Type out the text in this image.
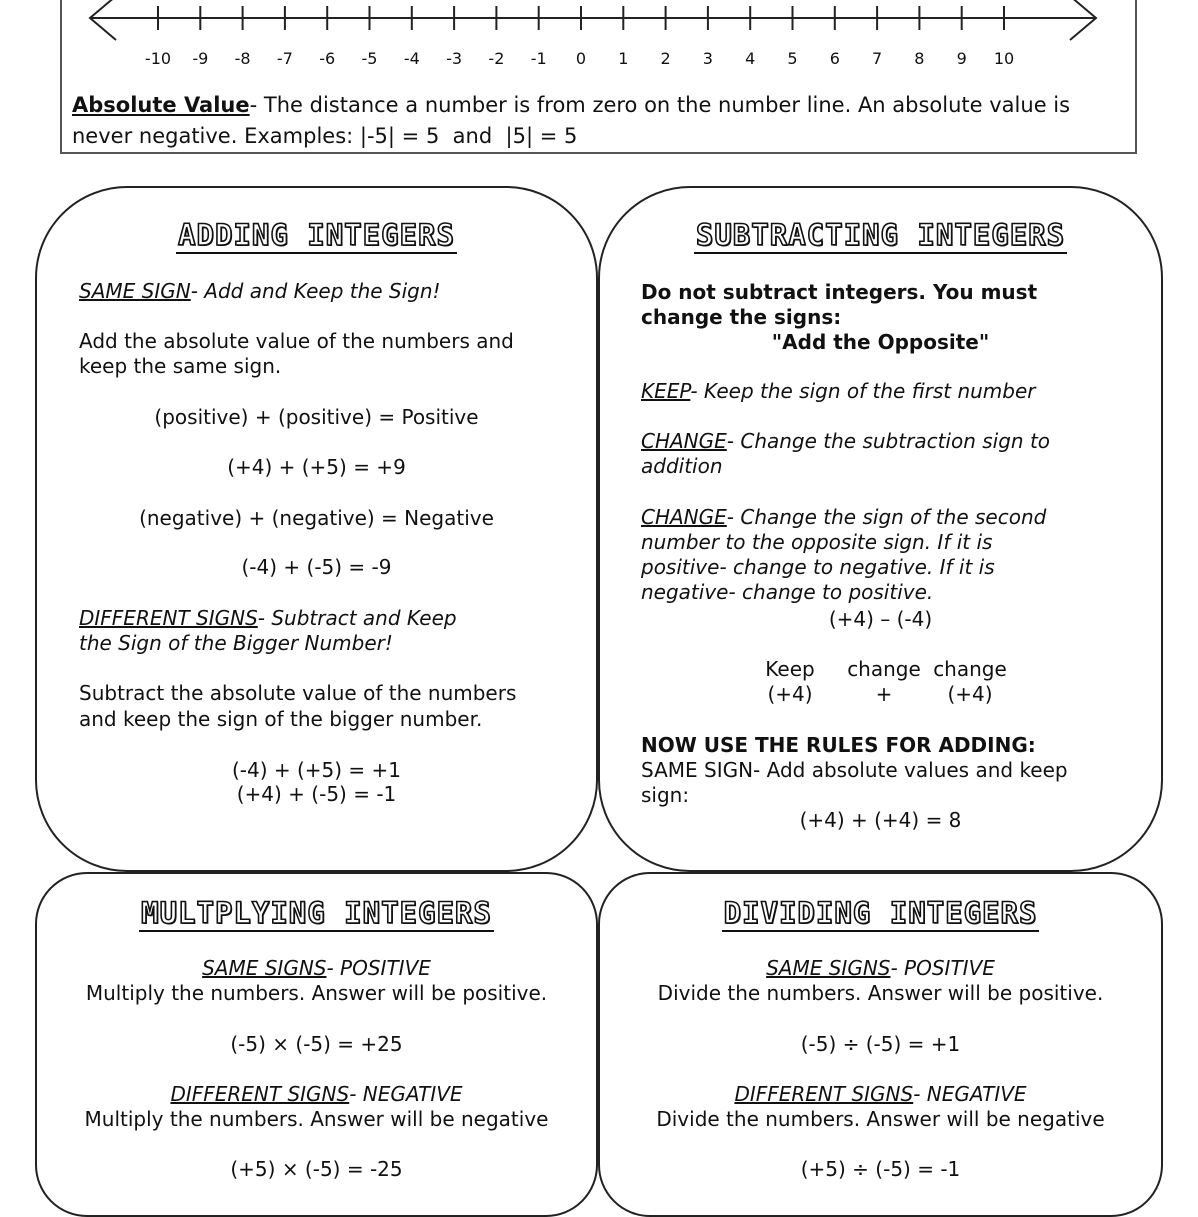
-10 -9 -8 -7 -6 -5 -4 -3 -2 -1 0 1 2 3 4 5 6 7 8 9 10
Absolute Value- The distance a number is from zero on the number line. An absolute value is never negative. Examples: |-5| = 5 and |5| = 5
ADDING INTEGERS
SAME SIGN- Add and Keep the Sign!
Add the absolute value of the numbers and
keep the same sign.
(positive) + (positive) = Positive
(+4) + (+5) = +9
(negative) + (negative) = Negative
(-4) + (-5) = -9
DIFFERENT SIGNS- Subtract and Keep
the Sign of the Bigger Number!
Subtract the absolute value of the numbers
and keep the sign of the bigger number.
(-4) + (+5) = +1
(+4) + (-5) = -1
SUBTRACTING INTEGERS
Do not subtract integers. You must
change the signs:
"Add the Opposite"
KEEP- Keep the sign of the first number
CHANGE- Change the subtraction sign to
addition
CHANGE- Change the sign of the second
number to the opposite sign. If it is
positive- change to negative. If it is
negative- change to positive.
(+4) – (-4)
Keep	change change
(+4)	+	(+4)
NOW USE THE RULES FOR ADDING:
SAME SIGN- Add absolute values and keep
sign:
(+4) + (+4) = 8
MULTPLYING INTEGERS
SAME SIGNS- POSITIVE
Multiply the numbers. Answer will be positive.
(-5) × (-5) = +25
DIFFERENT SIGNS- NEGATIVE
Multiply the numbers. Answer will be negative
(+5) × (-5) = -25
DIVIDING INTEGERS
SAME SIGNS- POSITIVE
Divide the numbers. Answer will be positive.
(-5) ÷ (-5) = +1
DIFFERENT SIGNS- NEGATIVE
Divide the numbers. Answer will be negative
(+5) ÷ (-5) = -1
